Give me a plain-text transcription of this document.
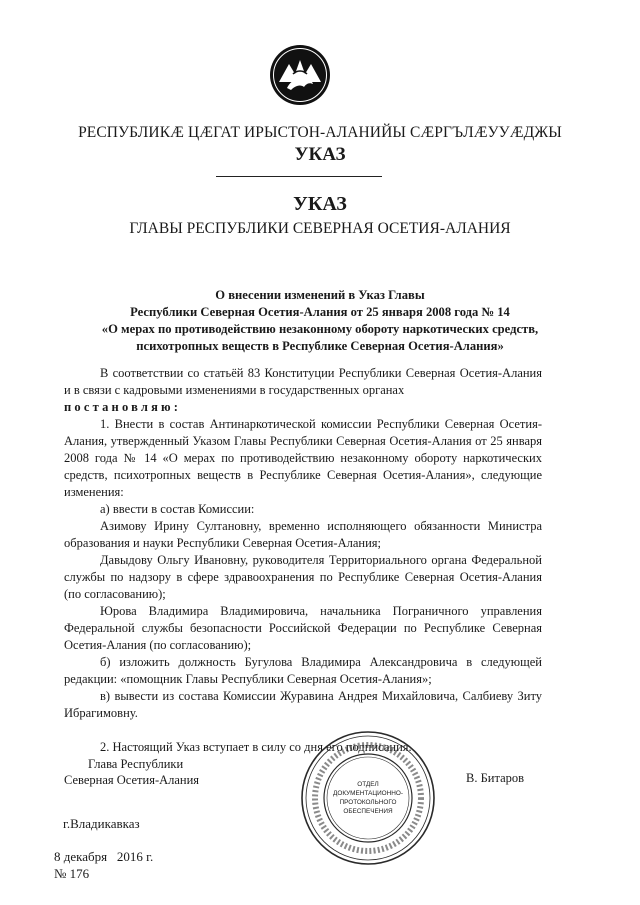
РЕСПУБЛИКӔ ЦӔГАТ ИРЫСТОН-АЛАНИЙЫ СӔРГЪЛӔУУӔДЖЫ
УКАЗ
УКАЗ
ГЛАВЫ РЕСПУБЛИКИ СЕВЕРНАЯ ОСЕТИЯ-АЛАНИЯ
О внесении изменений в Указ Главы
Республики Северная Осетия-Алания от 25 января 2008 года № 14
«О мерах по противодействию незаконному обороту наркотических средств,
психотропных веществ в Республике Северная Осетия-Алания»

В соответствии со статьёй 83 Конституции Республики Северная Осетия-Алания и в связи с кадровыми изменениями в государственных органах

постановляю:

1. Внести в состав Антинаркотической комиссии Республики Северная Осетия-Алания, утвержденный Указом Главы Республики Северная Осетия-Алания от 25 января 2008 года № 14 «О мерах по противодействию незаконному обороту наркотических средств, психотропных веществ в Республике Северная Осетия-Алания», следующие изменения:

а) ввести в состав Комиссии:

Азимову Ирину Султановну, временно исполняющего обязанности Министра образования и науки Республики Северная Осетия-Алания;

Давыдову Ольгу Ивановну, руководителя Территориального органа Федеральной службы по надзору в сфере здравоохранения по Республике Северная Осетия-Алания (по согласованию);

Юрова Владимира Владимировича, начальника Пограничного управления Федеральной службы безопасности Российской Федерации по Республике Северная Осетия-Алания (по согласованию);

б) изложить должность Бугулова Владимира Александровича в следующей редакции: «помощник Главы Республики Северная Осетия-Алания»;

в) вывести из состава Комиссии Журавина Андрея Михайловича, Салбиеву Зиту Ибрагимовну.

2. Настоящий Указ вступает в силу со дня его подписания.

ОТДЕЛ
ДОКУМЕНТАЦИОННО-
ПРОТОКОЛЬНОГО
ОБЕСПЕЧЕНИЯ
Глава Республики
Северная Осетия-Алания	В. Битаров
г.Владикавказ
8 декабря   2016 г.
№ 176
